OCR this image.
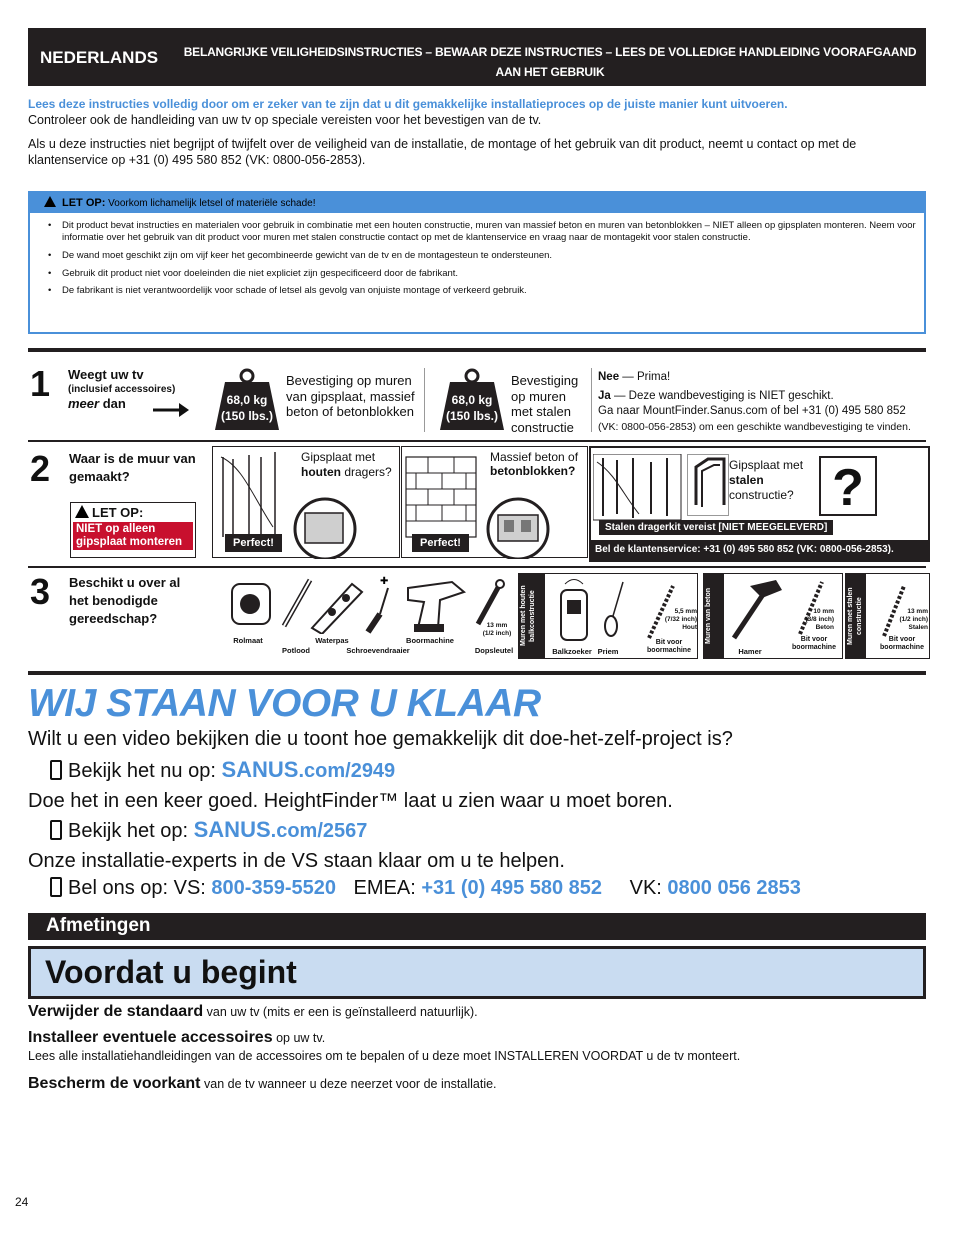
NEDERLANDS	BELANGRIJKE VEILIGHEIDSINSTRUCTIES – BEWAAR DEZE INSTRUCTIES – LEES DE VOLLEDIGE HANDLEIDING VOORAFGAAND AAN HET GEBRUIK
Lees deze instructies volledig door om er zeker van te zijn dat u dit gemakkelijke installatieproces op de juiste manier kunt uitvoeren.
Controleer ook de handleiding van uw tv op speciale vereisten voor het bevestigen van de tv.
Als u deze instructies niet begrijpt of twijfelt over de veiligheid van de installatie, de montage of het gebruik van dit product, neemt u contact op met de klantenservice op +31 (0) 495 580 852 (VK: 0800-056-2853).
LET OP: Voorkom lichamelijk letsel of materiële schade!
• Dit product bevat instructies en materialen voor gebruik in combinatie met een houten constructie, muren van massief beton en muren van betonblokken – NIET alleen op gipsplaten monteren. Neem voor informatie over het gebruik van dit product voor muren met stalen constructie contact op met de klantenservice en vraag naar de montagekit voor stalen constructie.
• De wand moet geschikt zijn om vijf keer het gecombineerde gewicht van de tv en de montagesteun te ondersteunen.
• Gebruik dit product niet voor doeleinden die niet expliciet zijn gespecificeerd door de fabrikant.
• De fabrikant is niet verantwoordelijk voor schade of letsel als gevolg van onjuiste montage of verkeerd gebruik.
1 Weegt uw tv
(inclusief accessoires)
meer dan	68,0 kg
(150 lbs.)
Bevestiging op muren van gipsplaat, massief beton of betonblokken
68,0 kg
(150 lbs.)
Bevestiging op muren met stalen constructie
Nee — Prima!
Ja — Deze wandbevestiging is NIET geschikt.
Ga naar MountFinder.Sanus.com of bel +31 (0) 495 580 852
(VK: 0800-056-2853) om een geschikte wandbevestiging te vinden.
2 Waar is de muur van gemaakt?
LET OP:
NIET op alleen gipsplaat monteren
Gipsplaat met houten dragers?
Perfect!
Massief beton of
betonblokken?
Perfect!
Gipsplaat met stalen constructie? ?
Stalen dragerkit vereist [NIET MEEGELEVERD]
Bel de klantenservice: +31 (0) 495 580 852 (VK: 0800-056-2853).
3 Beschikt u over al het benodigde gereedschap?
✚
Rolmaat
Potlood
Waterpas
Schroevendraaier
Boormachine
13 mm
(1/2 inch)
Dopsleutel
Muren met houten balkconstructie
Balkzoeker Priem
5,5 mm
(7/32 inch)
Hout
Bit voor boormachine
Muren van beton
Hamer
10 mm
(3/8 inch)
Beton
Bit voor boormachine
Muren met stalen constructie	13 mm
(1/2 inch)
Stalen
Bit voor boormachine
WIJ STAAN VOOR U KLAAR
Wilt u een video bekijken die u toont hoe gemakkelijk dit doe-het-zelf-project is?
Bekijk het nu op: SANUS.com/2949
Doe het in een keer goed. HeightFinder™ laat u zien waar u moet boren.
Bekijk het op: SANUS.com/2567
Onze installatie-experts in de VS staan klaar om u te helpen.
Bel ons op: VS: 800-359-5520 EMEA: +31 (0) 495 580 852 VK: 0800 056 2853
Afmetingen
Voordat u begint
Verwijder de standaard van uw tv (mits er een is geïnstalleerd natuurlijk).
Installeer eventuele accessoires op uw tv.
Lees alle installatiehandleidingen van de accessoires om te bepalen of u deze moet INSTALLEREN VOORDAT u de tv monteert.
Bescherm de voorkant van de tv wanneer u deze neerzet voor de installatie.
24
